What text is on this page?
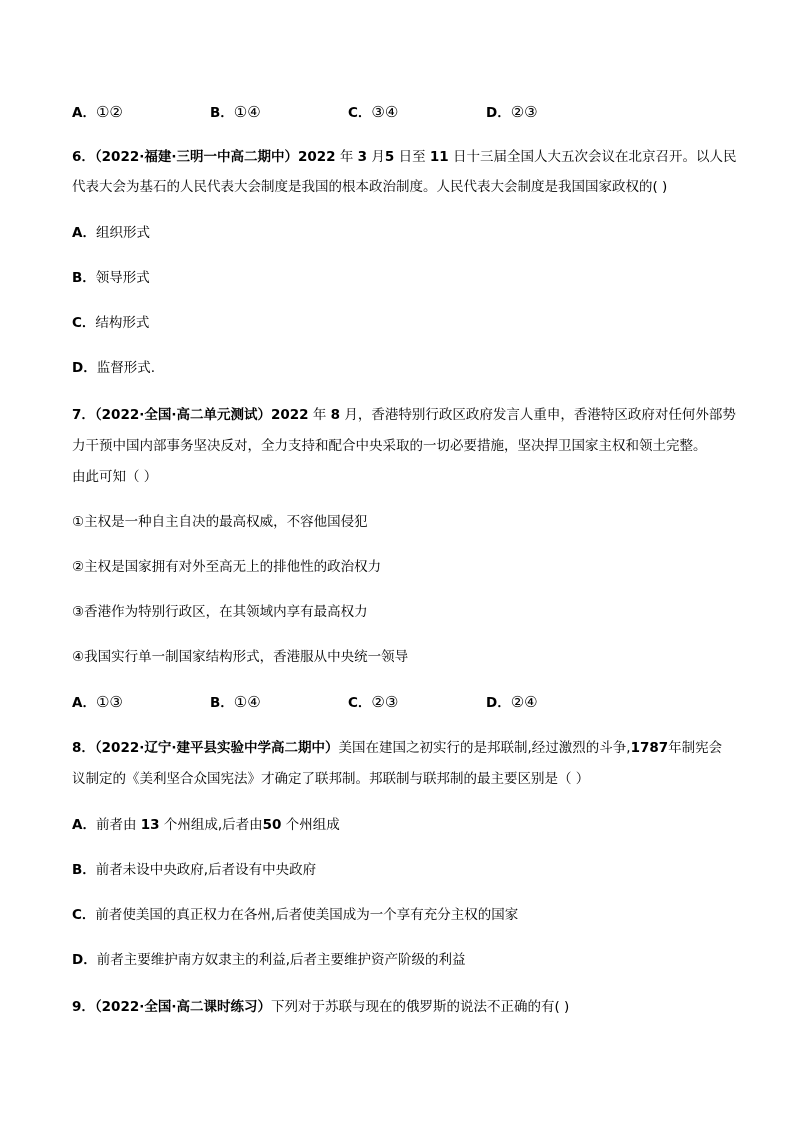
A．①②	B．①④	C．③④	D．②③
6．（2022·福建·三明一中高二期中）2022 年 3 月5 日至 11 日十三届全国人大五次会议在北京召开。以人民
代表大会为基石的人民代表大会制度是我国的根本政治制度。人民代表大会制度是我国国家政权的( )
A．组织形式
B．领导形式
C．结构形式
D．监督形式.
7．（2022·全国·高二单元测试）2022 年 8 月，香港特别行政区政府发言人重申，香港特区政府对任何外部势
力干预中国内部事务坚决反对，全力支持和配合中央采取的一切必要措施，坚决捍卫国家主权和领土完整。
由此可知（ ）
①主权是一种自主自决的最高权威，不容他国侵犯
②主权是国家拥有对外至高无上的排他性的政治权力
③香港作为特别行政区，在其领域内享有最高权力
④我国实行单一制国家结构形式，香港服从中央统一领导
A．①③	B．①④	C．②③	D．②④
8．（2022·辽宁·建平县实验中学高二期中）美国在建国之初实行的是邦联制,经过激烈的斗争,1787年制宪会
议制定的《美利坚合众国宪法》才确定了联邦制。邦联制与联邦制的最主要区别是（ ）
A．前者由 13 个州组成,后者由50 个州组成
B．前者未设中央政府,后者设有中央政府
C．前者使美国的真正权力在各州,后者使美国成为一个享有充分主权的国家
D．前者主要维护南方奴隶主的利益,后者主要维护资产阶级的利益
9．（2022·全国·高二课时练习）下列对于苏联与现在的俄罗斯的说法不正确的有( )
